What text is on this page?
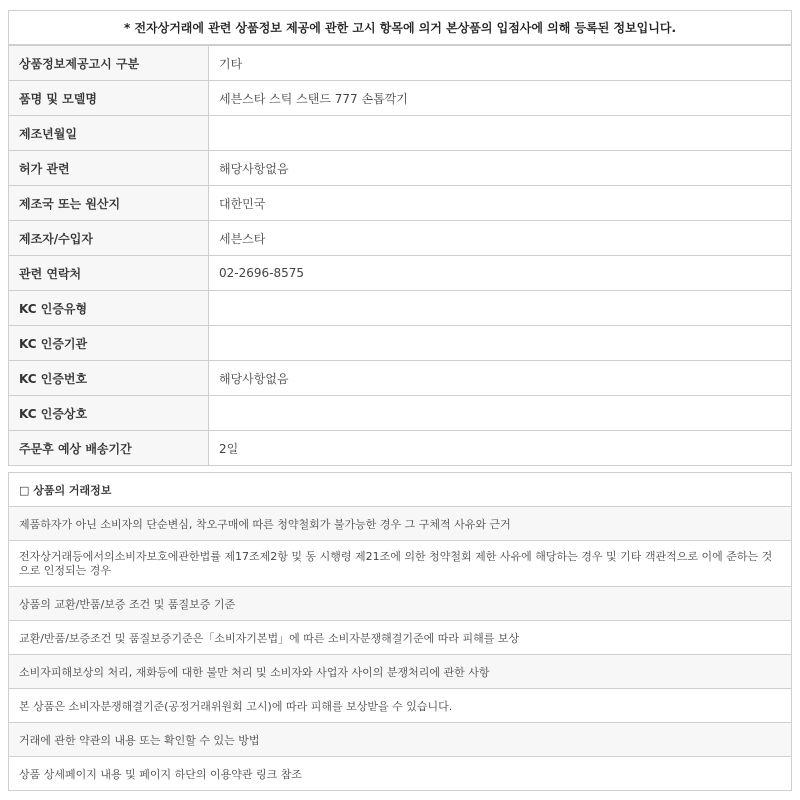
* 전자상거래에 관련 상품정보 제공에 관한 고시 항목에 의거 본상품의 입점사에 의해 등록된 정보입니다.
상품정보제공고시 구분	기타
품명 및 모델명	세븐스타 스틱 스탠드 777 손톱깍기
제조년월일	
허가 관련	해당사항없음
제조국 또는 원산지	대한민국
제조자/수입자	세븐스타
관련 연락처	02-2696-8575
KC 인증유형	
KC 인증기관	
KC 인증번호	해당사항없음
KC 인증상호	
주문후 예상 배송기간	2일
□ 상품의 거래정보
제품하자가 아닌 소비자의 단순변심, 착오구매에 따른 청약철회가 불가능한 경우 그 구체적 사유와 근거
전자상거래등에서의소비자보호에관한법률 제17조제2항 및 동 시행령 제21조에 의한 청약철회 제한 사유에 해당하는 경우 및 기타 객관적으로 이에 준하는 것으로 인정되는 경우
상품의 교환/반품/보증 조건 및 품질보증 기준
교환/반품/보증조건 및 품질보증기준은「소비자기본법」에 따른 소비자분쟁해결기준에 따라 피해를 보상
소비자피해보상의 처리, 재화등에 대한 불만 처리 및 소비자와 사업자 사이의 분쟁처리에 관한 사항
본 상품은 소비자분쟁해결기준(공정거래위원회 고시)에 따라 피해를 보상받을 수 있습니다.
거래에 관한 약관의 내용 또는 확인할 수 있는 방법
상품 상세페이지 내용 및 페이지 하단의 이용약관 링크 참조
